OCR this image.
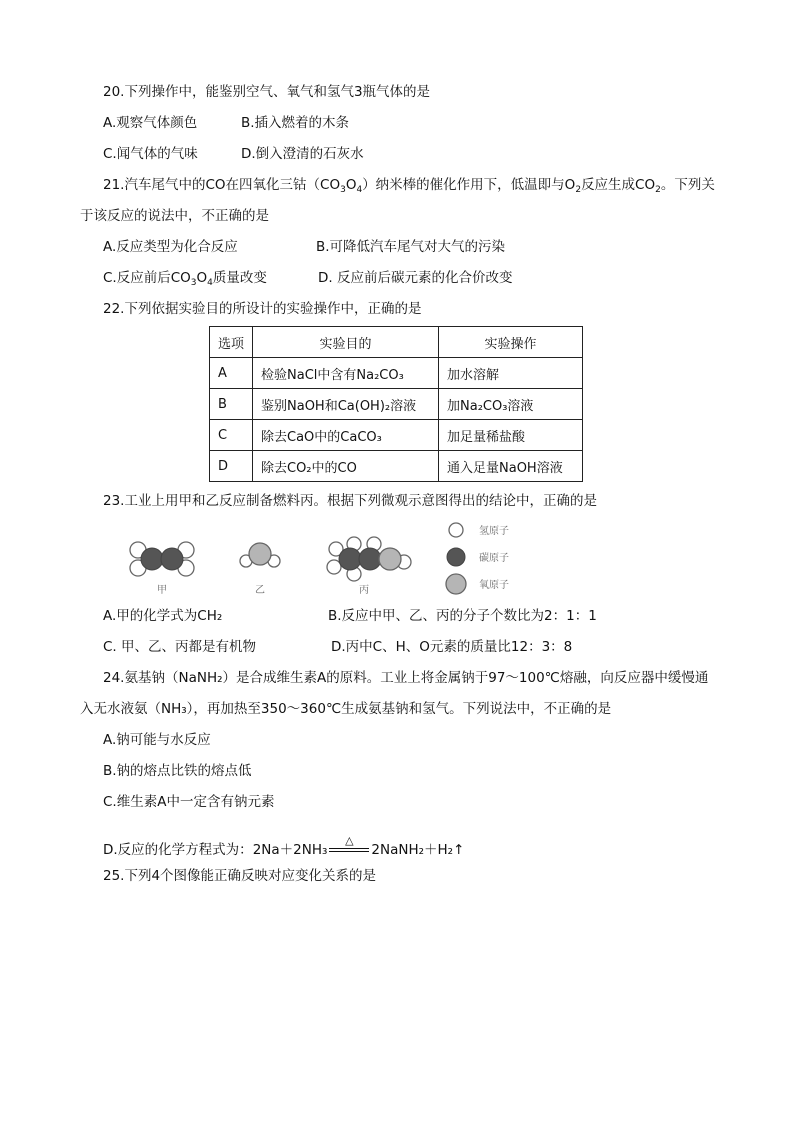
20.下列操作中，能鉴别空气、氧气和氢气3瓶气体的是
A.观察气体颜色	B.插入燃着的木条
C.闻气体的气味	D.倒入澄清的石灰水
21.汽车尾气中的CO在四氧化三钴$(CO_3O_4)$纳米棒的催化作用下，低温即与$O_2$反应生成$CO_2$。下列关
于该反应的说法中，不正确的是
A.反应类型为化合反应	B.可降低汽车尾气对大气的污染
C.反应前后$CO_3O_4$质量改变	D. 反应前后碳元素的化合价改变
22.下列依据实验目的所设计的实验操作中，正确的是
选项	实验目的	实验操作
A	检验NaCl中含有Na₂CO₃	加水溶解
B	鉴别NaOH和Ca(OH)₂溶液	加Na₂CO₃溶液
C	除去CaO中的CaCO₃	加足量稀盐酸
D	除去CO₂中的CO	通入足量NaOH溶液
23.工业上用甲和乙反应制备燃料丙。根据下列微观示意图得出的结论中，正确的是
甲	乙	丙
氢原子
碳原子
氧原子
A.甲的化学式为CH₂	B.反应中甲、乙、丙的分子个数比为2：1：1
C. 甲、乙、丙都是有机物	D.丙中C、H、O元素的质量比12：3：8
24.氨基钠（NaNH₂）是合成维生素A的原料。工业上将金属钠于97～100℃熔融，向反应器中缓慢通
入无水液氨（NH₃），再加热至350～360℃生成氨基钠和氢气。下列说法中，不正确的是
A.钠可能与水反应
B.钠的熔点比铁的熔点低
C.维生素A中一定含有钠元素
D.反应的化学方程式为：2Na＋2NH₃
△
2NaNH₂＋H₂↑
25.下列4个图像能正确反映对应变化关系的是
